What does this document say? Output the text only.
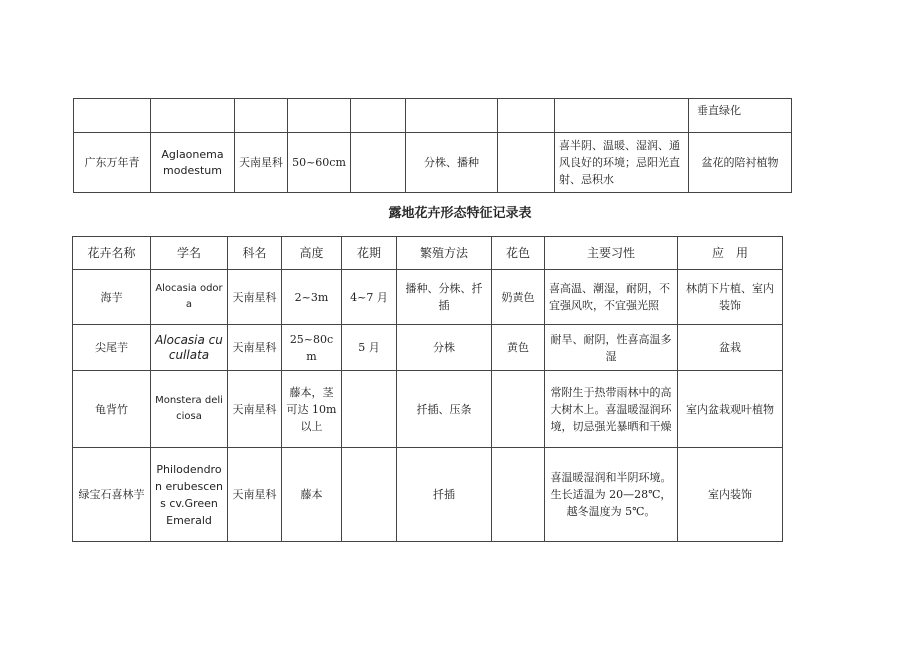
								垂直绿化
广东万年青	Aglaonema modestum	天南星科	50~60cm		分株、播种		喜半阴、温暖、湿润、通风良好的环境；忌阳光直射、忌积水	盆花的陪衬植物
露地花卉形态特征记录表
花卉名称	学名	科名	高度	花期	繁殖方法	花色	主要习性	应　用
海芋	Alocasia odora	天南星科	2~3m	4~7 月	播种、分株、扦插	奶黄色	喜高温、潮湿，耐阴，不宜强风吹，不宜强光照	林荫下片植、室内装饰
尖尾芋	Alocasia cucullata	天南星科	25~80cm	5 月	分株	黄色	耐旱、耐阴，性喜高温多湿	盆栽
龟背竹	Monstera deliciosa	天南星科	藤本，茎可达 10m 以上		扦插、压条		常附生于热带雨林中的高大树木上。喜温暖湿润环境，切忌强光暴晒和干燥	室内盆栽观叶植物
绿宝石喜林芋	Philodendron erubescens cv.Green Emerald	天南星科	藤本		扦插		喜温暖湿润和半阴环境。生长适温为 20—28℃，越冬温度为 5℃。	室内装饰
